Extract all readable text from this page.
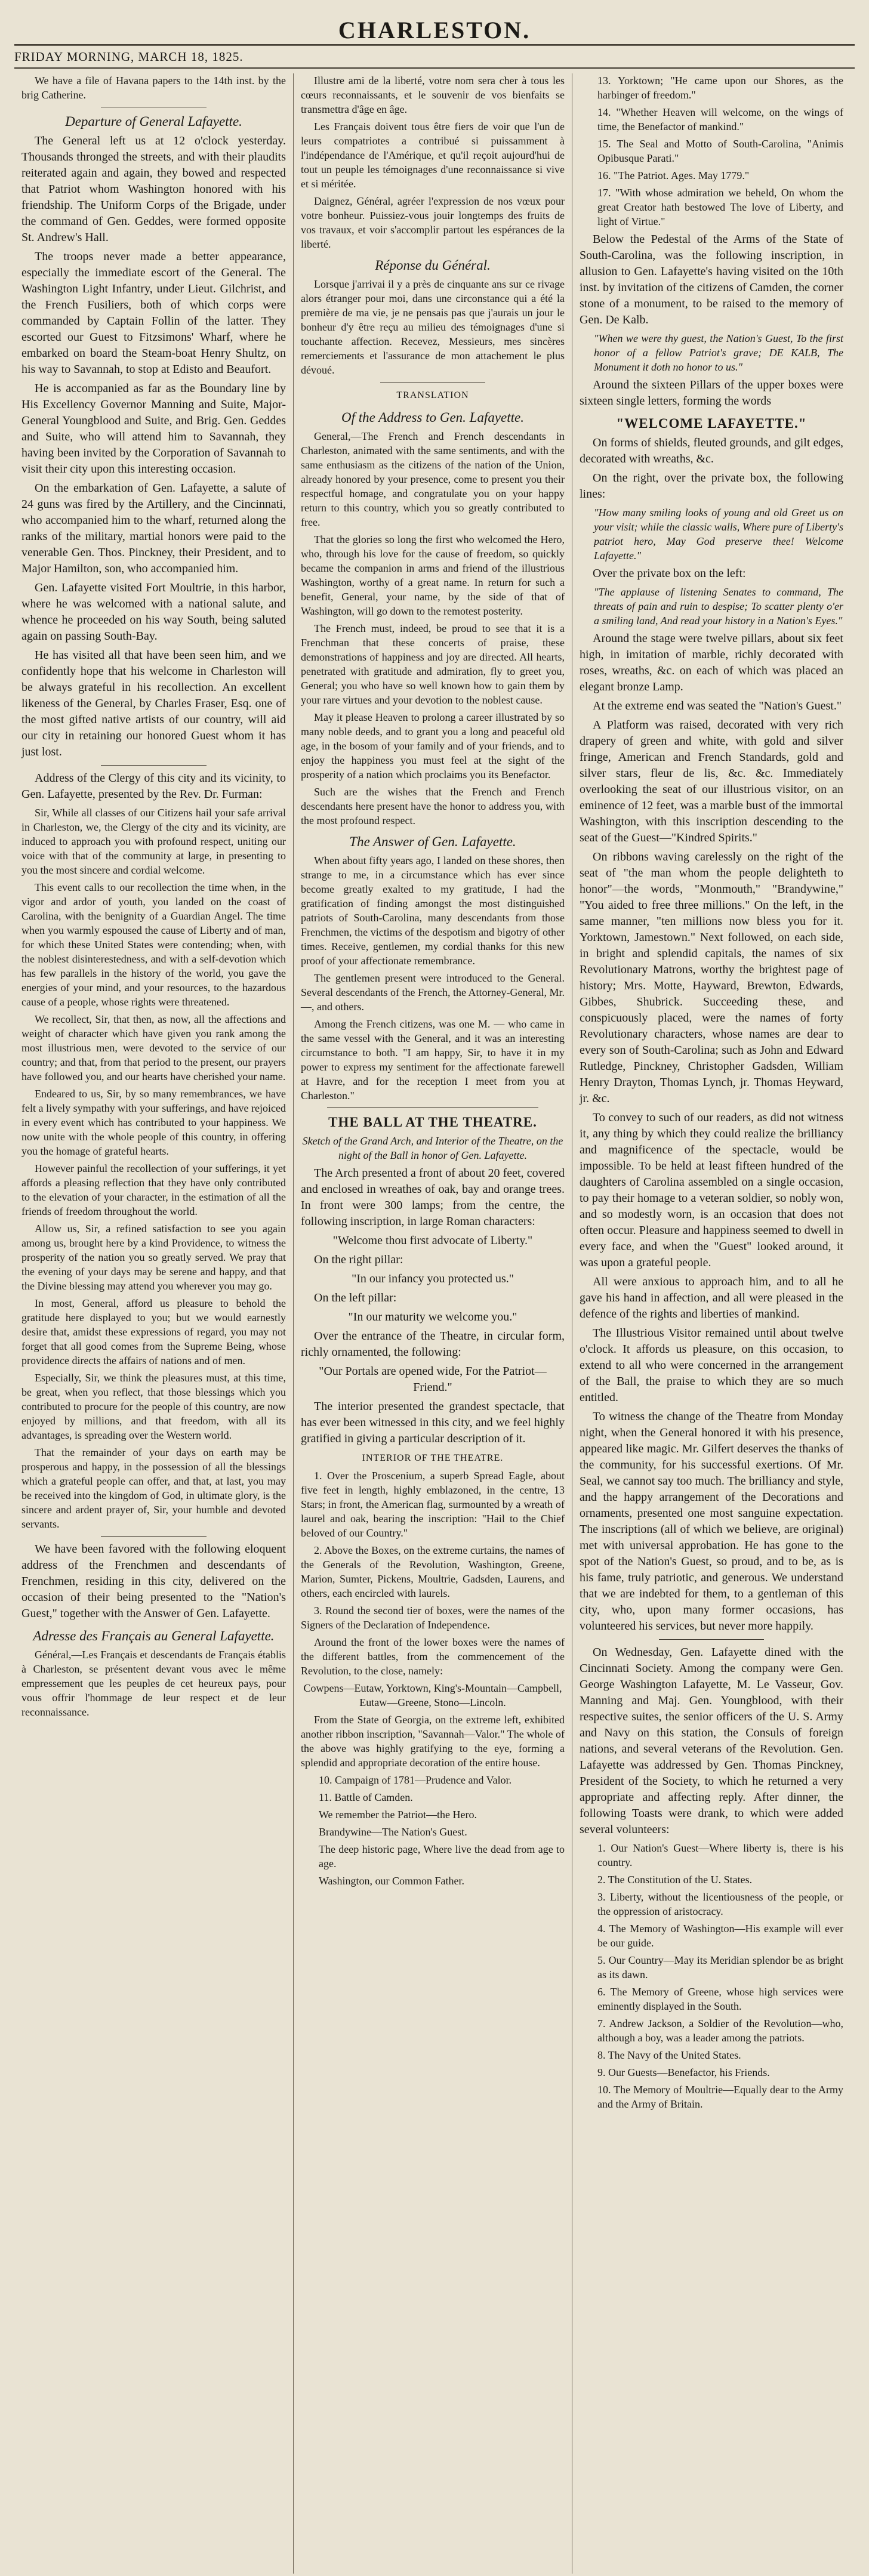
CHARLESTON.
FRIDAY MORNING, MARCH 18, 1825.

We have a file of Havana papers to the 14th inst. by the brig Catherine.

Departure of General Lafayette.

The General left us at 12 o'clock yesterday. Thousands thronged the streets, and with their plaudits reiterated again and again, they bowed and respected that Patriot whom Washington honored with his friendship. The Uniform Corps of the Brigade, under the command of Gen. Geddes, were formed opposite St. Andrew's Hall.

The troops never made a better appearance, especially the immediate escort of the General. The Washington Light Infantry, under Lieut. Gilchrist, and the French Fusiliers, both of which corps were commanded by Captain Follin of the latter. They escorted our Guest to Fitzsimons' Wharf, where he embarked on board the Steam-boat Henry Shultz, on his way to Savannah, to stop at Edisto and Beaufort.

He is accompanied as far as the Boundary line by His Excellency Governor Manning and Suite, Major-General Youngblood and Suite, and Brig. Gen. Geddes and Suite, who will attend him to Savannah, they having been invited by the Corporation of Savannah to visit their city upon this interesting occasion.

On the embarkation of Gen. Lafayette, a salute of 24 guns was fired by the Artillery, and the Cincinnati, who accompanied him to the wharf, returned along the ranks of the military, martial honors were paid to the venerable Gen. Thos. Pinckney, their President, and to Major Hamilton, son, who accompanied him.

Gen. Lafayette visited Fort Moultrie, in this harbor, where he was welcomed with a national salute, and whence he proceeded on his way South, being saluted again on passing South-Bay.

He has visited all that have been seen him, and we confidently hope that his welcome in Charleston will be always grateful in his recollection. An excellent likeness of the General, by Charles Fraser, Esq. one of the most gifted native artists of our country, will aid our city in retaining our honored Guest whom it has just lost.

Address of the Clergy of this city and its vicinity, to Gen. Lafayette, presented by the Rev. Dr. Furman:

Sir, While all classes of our Citizens hail your safe arrival in Charleston, we, the Clergy of the city and its vicinity, are induced to approach you with profound respect, uniting our voice with that of the community at large, in presenting to you the most sincere and cordial welcome.

This event calls to our recollection the time when, in the vigor and ardor of youth, you landed on the coast of Carolina, with the benignity of a Guardian Angel. The time when you warmly espoused the cause of Liberty and of man, for which these United States were contending; when, with the noblest disinterestedness, and with a self-devotion which has few parallels in the history of the world, you gave the energies of your mind, and your resources, to the hazardous cause of a people, whose rights were threatened.

We recollect, Sir, that then, as now, all the affections and weight of character which have given you rank among the most illustrious men, were devoted to the service of our country; and that, from that period to the present, our prayers have followed you, and our hearts have cherished your name.

Endeared to us, Sir, by so many remembrances, we have felt a lively sympathy with your sufferings, and have rejoiced in every event which has contributed to your happiness. We now unite with the whole people of this country, in offering you the homage of grateful hearts.

However painful the recollection of your sufferings, it yet affords a pleasing reflection that they have only contributed to the elevation of your character, in the estimation of all the friends of freedom throughout the world.

Allow us, Sir, a refined satisfaction to see you again among us, brought here by a kind Providence, to witness the prosperity of the nation you so greatly served. We pray that the evening of your days may be serene and happy, and that the Divine blessing may attend you wherever you may go.

In most, General, afford us pleasure to behold the gratitude here displayed to you; but we would earnestly desire that, amidst these expressions of regard, you may not forget that all good comes from the Supreme Being, whose providence directs the affairs of nations and of men.

Especially, Sir, we think the pleasures must, at this time, be great, when you reflect, that those blessings which you contributed to procure for the people of this country, are now enjoyed by millions, and that freedom, with all its advantages, is spreading over the Western world.

That the remainder of your days on earth may be prosperous and happy, in the possession of all the blessings which a grateful people can offer, and that, at last, you may be received into the kingdom of God, in ultimate glory, is the sincere and ardent prayer of, Sir, your humble and devoted servants.

We have been favored with the following eloquent address of the Frenchmen and descendants of Frenchmen, residing in this city, delivered on the occasion of their being presented to the "Nation's Guest," together with the Answer of Gen. Lafayette.

Adresse des Français au General Lafayette.

Général,—Les Français et descendants de Français établis à Charleston, se présentent devant vous avec le même empressement que les peuples de cet heureux pays, pour vous offrir l'hommage de leur respect et de leur reconnaissance.

Illustre ami de la liberté, votre nom sera cher à tous les cœurs reconnaissants, et le souvenir de vos bienfaits se transmettra d'âge en âge.

Les Français doivent tous être fiers de voir que l'un de leurs compatriotes a contribué si puissamment à l'indépendance de l'Amérique, et qu'il reçoit aujourd'hui de tout un peuple les témoignages d'une reconnaissance si vive et si méritée.

Daignez, Général, agréer l'expression de nos vœux pour votre bonheur. Puissiez-vous jouir longtemps des fruits de vos travaux, et voir s'accomplir partout les espérances de la liberté.

Réponse du Général.

Lorsque j'arrivai il y a près de cinquante ans sur ce rivage alors étranger pour moi, dans une circonstance qui a été la première de ma vie, je ne pensais pas que j'aurais un jour le bonheur d'y être reçu au milieu des témoignages d'une si touchante affection. Recevez, Messieurs, mes sincères remerciements et l'assurance de mon attachement le plus dévoué.

TRANSLATION
Of the Address to Gen. Lafayette.

General,—The French and French descendants in Charleston, animated with the same sentiments, and with the same enthusiasm as the citizens of the nation of the Union, already honored by your presence, come to present you their respectful homage, and congratulate you on your happy return to this country, which you so greatly contributed to free.

That the glories so long the first who welcomed the Hero, who, through his love for the cause of freedom, so quickly became the companion in arms and friend of the illustrious Washington, worthy of a great name. In return for such a benefit, General, your name, by the side of that of Washington, will go down to the remotest posterity.

The French must, indeed, be proud to see that it is a Frenchman that these concerts of praise, these demonstrations of happiness and joy are directed. All hearts, penetrated with gratitude and admiration, fly to greet you, General; you who have so well known how to gain them by your rare virtues and your devotion to the noblest cause.

May it please Heaven to prolong a career illustrated by so many noble deeds, and to grant you a long and peaceful old age, in the bosom of your family and of your friends, and to enjoy the happiness you must feel at the sight of the prosperity of a nation which proclaims you its Benefactor.

Such are the wishes that the French and French descendants here present have the honor to address you, with the most profound respect.

The Answer of Gen. Lafayette.

When about fifty years ago, I landed on these shores, then strange to me, in a circumstance which has ever since become greatly exalted to my gratitude, I had the gratification of finding amongst the most distinguished patriots of South-Carolina, many descendants from those Frenchmen, the victims of the despotism and bigotry of other times. Receive, gentlemen, my cordial thanks for this new proof of your affectionate remembrance.

The gentlemen present were introduced to the General. Several descendants of the French, the Attorney-General, Mr. —, and others.

Among the French citizens, was one M. — who came in the same vessel with the General, and it was an interesting circumstance to both. "I am happy, Sir, to have it in my power to express my sentiment for the affectionate farewell at Havre, and for the reception I meet from you at Charleston."

THE BALL AT THE THEATRE.

Sketch of the Grand Arch, and Interior of the Theatre, on the night of the Ball in honor of Gen. Lafayette.

The Arch presented a front of about 20 feet, covered and enclosed in wreathes of oak, bay and orange trees. In front were 300 lamps; from the centre, the following inscription, in large Roman characters:

"Welcome thou first advocate of Liberty."

On the right pillar:

"In our infancy you protected us."

On the left pillar:

"In our maturity we welcome you."

Over the entrance of the Theatre, in circular form, richly ornamented, the following:

"Our Portals are opened wide, For the Patriot—Friend."

The interior presented the grandest spectacle, that has ever been witnessed in this city, and we feel highly gratified in giving a particular description of it.

INTERIOR OF THE THEATRE.

1. Over the Proscenium, a superb Spread Eagle, about five feet in length, highly emblazoned, in the centre, 13 Stars; in front, the American flag, surmounted by a wreath of laurel and oak, bearing the inscription: "Hail to the Chief beloved of our Country."

2. Above the Boxes, on the extreme curtains, the names of the Generals of the Revolution, Washington, Greene, Marion, Sumter, Pickens, Moultrie, Gadsden, Laurens, and others, each encircled with laurels.

3. Round the second tier of boxes, were the names of the Signers of the Declaration of Independence.

Around the front of the lower boxes were the names of the different battles, from the commencement of the Revolution, to the close, namely:

Cowpens—Eutaw, Yorktown, King's-Mountain—Campbell, Eutaw—Greene, Stono—Lincoln.

From the State of Georgia, on the extreme left, exhibited another ribbon inscription, "Savannah—Valor." The whole of the above was highly gratifying to the eye, forming a splendid and appropriate decoration of the entire house.

10. Campaign of 1781—Prudence and Valor.

11. Battle of Camden.

We remember the Patriot—the Hero.

Brandywine—The Nation's Guest.

The deep historic page, Where live the dead from age to age.

Washington, our Common Father.

13. Yorktown; "He came upon our Shores, as the harbinger of freedom."

14. "Whether Heaven will welcome, on the wings of time, the Benefactor of mankind."

15. The Seal and Motto of South-Carolina, "Animis Opibusque Parati."

16. "The Patriot. Ages. May 1779."

17. "With whose admiration we beheld, On whom the great Creator hath bestowed The love of Liberty, and light of Virtue."

Below the Pedestal of the Arms of the State of South-Carolina, was the following inscription, in allusion to Gen. Lafayette's having visited on the 10th inst. by invitation of the citizens of Camden, the corner stone of a monument, to be raised to the memory of Gen. De Kalb.

"When we were thy guest, the Nation's Guest, To the first honor of a fellow Patriot's grave; DE KALB, The Monument it doth no honor to us."

Around the sixteen Pillars of the upper boxes were sixteen single letters, forming the words

"WELCOME LAFAYETTE."

On forms of shields, fleuted grounds, and gilt edges, decorated with wreaths, &c.

On the right, over the private box, the following lines:

"How many smiling looks of young and old Greet us on your visit; while the classic walls, Where pure of Liberty's patriot hero, May God preserve thee! Welcome Lafayette."

Over the private box on the left:

"The applause of listening Senates to command, The threats of pain and ruin to despise; To scatter plenty o'er a smiling land, And read your history in a Nation's Eyes."

Around the stage were twelve pillars, about six feet high, in imitation of marble, richly decorated with roses, wreaths, &c. on each of which was placed an elegant bronze Lamp.

At the extreme end was seated the "Nation's Guest."

A Platform was raised, decorated with very rich drapery of green and white, with gold and silver fringe, American and French Standards, gold and silver stars, fleur de lis, &c. &c. Immediately overlooking the seat of our illustrious visitor, on an eminence of 12 feet, was a marble bust of the immortal Washington, with this inscription descending to the seat of the Guest—"Kindred Spirits."

On ribbons waving carelessly on the right of the seat of "the man whom the people delighteth to honor"—the words, "Monmouth," "Brandywine," "You aided to free three millions." On the left, in the same manner, "ten millions now bless you for it. Yorktown, Jamestown." Next followed, on each side, in bright and splendid capitals, the names of six Revolutionary Matrons, worthy the brightest page of history; Mrs. Motte, Hayward, Brewton, Edwards, Gibbes, Shubrick. Succeeding these, and conspicuously placed, were the names of forty Revolutionary characters, whose names are dear to every son of South-Carolina; such as John and Edward Rutledge, Pinckney, Christopher Gadsden, William Henry Drayton, Thomas Lynch, jr. Thomas Heyward, jr. &c.

To convey to such of our readers, as did not witness it, any thing by which they could realize the brilliancy and magnificence of the spectacle, would be impossible. To be held at least fifteen hundred of the daughters of Carolina assembled on a single occasion, to pay their homage to a veteran soldier, so nobly won, and so modestly worn, is an occasion that does not often occur. Pleasure and happiness seemed to dwell in every face, and when the "Guest" looked around, it was upon a grateful people.

All were anxious to approach him, and to all he gave his hand in affection, and all were pleased in the defence of the rights and liberties of mankind.

The Illustrious Visitor remained until about twelve o'clock. It affords us pleasure, on this occasion, to extend to all who were concerned in the arrangement of the Ball, the praise to which they are so much entitled.

To witness the change of the Theatre from Monday night, when the General honored it with his presence, appeared like magic. Mr. Gilfert deserves the thanks of the community, for his successful exertions. Of Mr. Seal, we cannot say too much. The brilliancy and style, and the happy arrangement of the Decorations and ornaments, presented one most sanguine expectation. The inscriptions (all of which we believe, are original) met with universal approbation. He has gone to the spot of the Nation's Guest, so proud, and to be, as is his fame, truly patriotic, and generous. We understand that we are indebted for them, to a gentleman of this city, who, upon many former occasions, has volunteered his services, but never more happily.

On Wednesday, Gen. Lafayette dined with the Cincinnati Society. Among the company were Gen. George Washington Lafayette, M. Le Vasseur, Gov. Manning and Maj. Gen. Youngblood, with their respective suites, the senior officers of the U. S. Army and Navy on this station, the Consuls of foreign nations, and several veterans of the Revolution. Gen. Lafayette was addressed by Gen. Thomas Pinckney, President of the Society, to which he returned a very appropriate and affecting reply. After dinner, the following Toasts were drank, to which were added several volunteers:

1. Our Nation's Guest—Where liberty is, there is his country.

2. The Constitution of the U. States.

3. Liberty, without the licentiousness of the people, or the oppression of aristocracy.

4. The Memory of Washington—His example will ever be our guide.

5. Our Country—May its Meridian splendor be as bright as its dawn.

6. The Memory of Greene, whose high services were eminently displayed in the South.

7. Andrew Jackson, a Soldier of the Revolution—who, although a boy, was a leader among the patriots.

8. The Navy of the United States.

9. Our Guests—Benefactor, his Friends.

10. The Memory of Moultrie—Equally dear to the Army and the Army of Britain.
